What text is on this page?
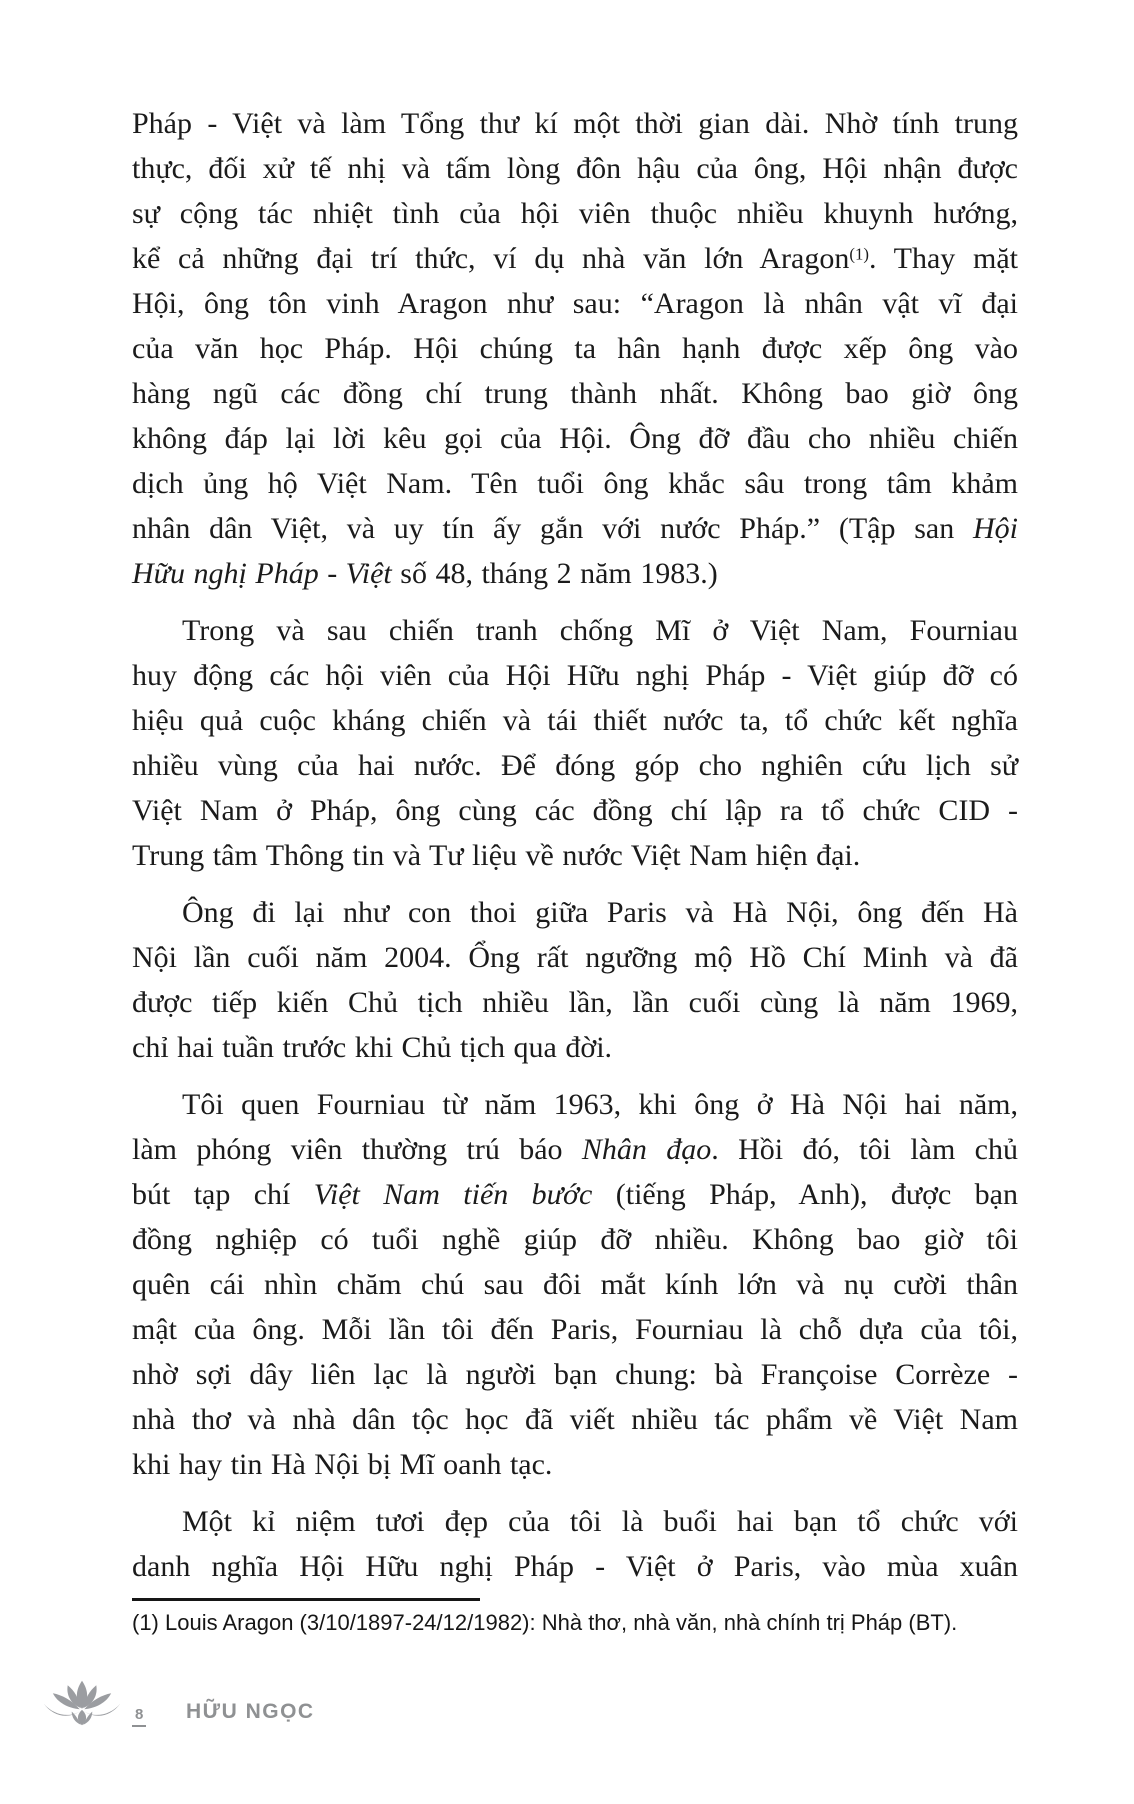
Pháp - Việt và làm Tổng thư kí một thời gian dài. Nhờ tính trung
thực, đối xử tế nhị và tấm lòng đôn hậu của ông, Hội nhận được
sự cộng tác nhiệt tình của hội viên thuộc nhiều khuynh hướng,
kể cả những đại trí thức, ví dụ nhà văn lớn Aragon$^{(1)}$. Thay mặt
Hội, ông tôn vinh Aragon như sau: “Aragon là nhân vật vĩ đại
của văn học Pháp. Hội chúng ta hân hạnh được xếp ông vào
hàng ngũ các đồng chí trung thành nhất. Không bao giờ ông
không đáp lại lời kêu gọi của Hội. Ông đỡ đầu cho nhiều chiến
dịch ủng hộ Việt Nam. Tên tuổi ông khắc sâu trong tâm khảm
nhân dân Việt, và uy tín ấy gắn với nước Pháp.” (Tập san Hội
Hữu nghị Pháp - Việt số 48, tháng 2 năm 1983.)
Trong và sau chiến tranh chống Mĩ ở Việt Nam, Fourniau
huy động các hội viên của Hội Hữu nghị Pháp - Việt giúp đỡ có
hiệu quả cuộc kháng chiến và tái thiết nước ta, tổ chức kết nghĩa
nhiều vùng của hai nước. Để đóng góp cho nghiên cứu lịch sử
Việt Nam ở Pháp, ông cùng các đồng chí lập ra tổ chức CID -
Trung tâm Thông tin và Tư liệu về nước Việt Nam hiện đại.
Ông đi lại như con thoi giữa Paris và Hà Nội, ông đến Hà
Nội lần cuối năm 2004. Ổng rất ngưỡng mộ Hồ Chí Minh và đã
được tiếp kiến Chủ tịch nhiều lần, lần cuối cùng là năm 1969,
chỉ hai tuần trước khi Chủ tịch qua đời.
Tôi quen Fourniau từ năm 1963, khi ông ở Hà Nội hai năm,
làm phóng viên thường trú báo Nhân đạo. Hồi đó, tôi làm chủ
bút tạp chí Việt Nam tiến bước (tiếng Pháp, Anh), được bạn
đồng nghiệp có tuổi nghề giúp đỡ nhiều. Không bao giờ tôi
quên cái nhìn chăm chú sau đôi mắt kính lớn và nụ cười thân
mật của ông. Mỗi lần tôi đến Paris, Fourniau là chỗ dựa của tôi,
nhờ sợi dây liên lạc là người bạn chung: bà Françoise Corrèze -
nhà thơ và nhà dân tộc học đã viết nhiều tác phẩm về Việt Nam
khi hay tin Hà Nội bị Mĩ oanh tạc.
Một kỉ niệm tươi đẹp của tôi là buổi hai bạn tổ chức với
danh nghĩa Hội Hữu nghị Pháp - Việt ở Paris, vào mùa xuân
(1) Louis Aragon (3/10/1897-24/12/1982): Nhà thơ, nhà văn, nhà chính trị Pháp (BT).
8 HỮU NGỌC
